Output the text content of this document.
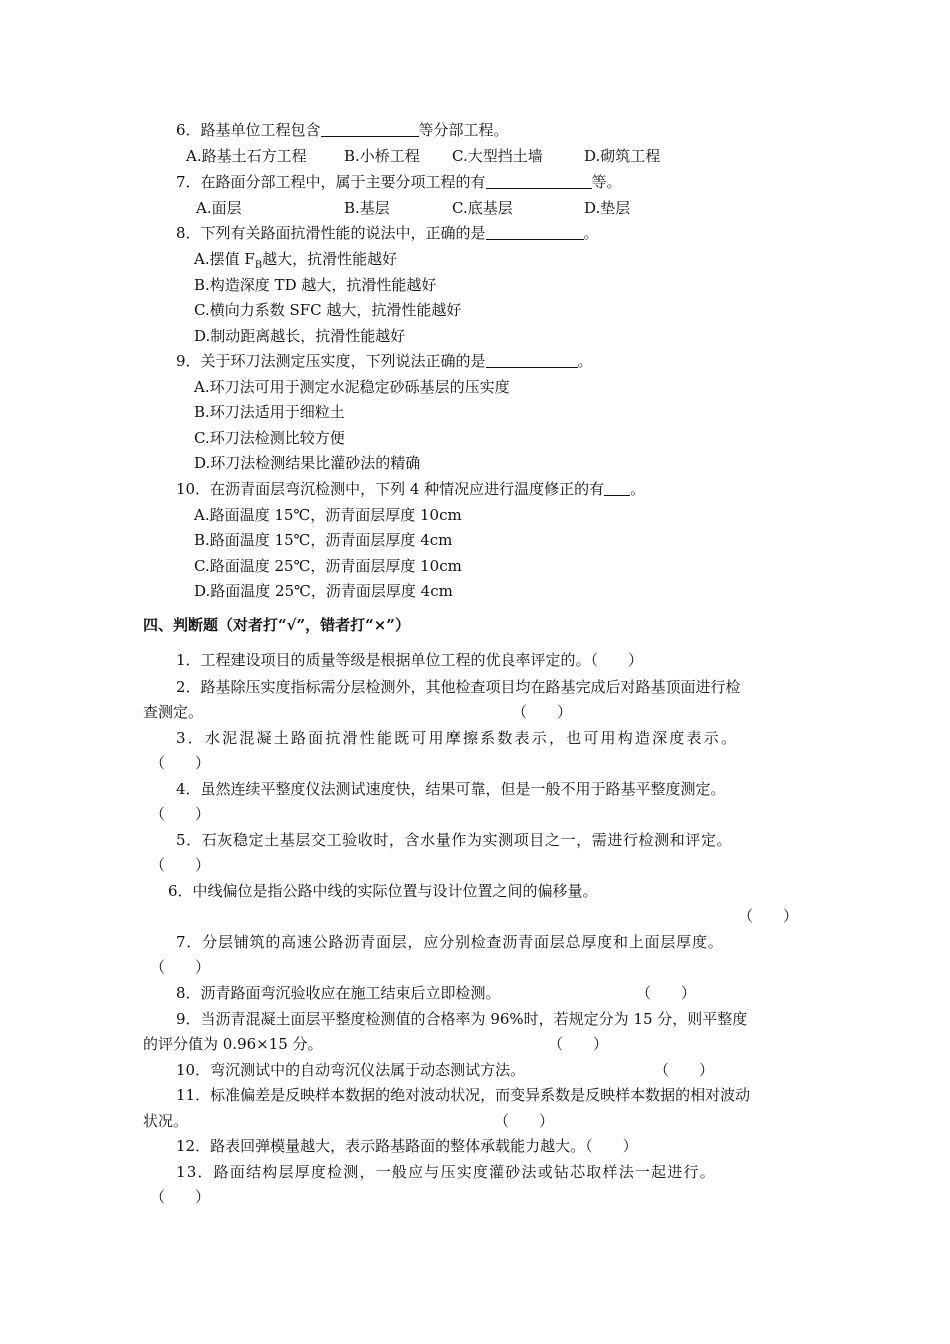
6．路基单位工程包含	等分部工程。
A.路基土石方工程 B.小桥工程 C.大型挡土墙	D.砌筑工程
7．在路面分部工程中，属于主要分项工程的有	等。
A.面层	B.基层	C.底基层	D.垫层
8．下列有关路面抗滑性能的说法中，正确的是	。
A.摆值 $F_B$越大，抗滑性能越好
B.构造深度 TD 越大，抗滑性能越好
C.横向力系数 SFC 越大，抗滑性能越好
D.制动距离越长，抗滑性能越好
9．关于环刀法测定压实度，下列说法正确的是	。
A.环刀法可用于测定水泥稳定砂砾基层的压实度
B.环刀法适用于细粒土
C.环刀法检测比较方便
D.环刀法检测结果比灌砂法的精确
10．在沥青面层弯沉检测中，下列 4 种情况应进行温度修正的有 。
A.路面温度 15℃，沥青面层厚度 10cm
B.路面温度 15℃，沥青面层厚度 4cm
C.路面温度 25℃，沥青面层厚度 10cm
D.路面温度 25℃，沥青面层厚度 4cm
四、判断题（对者打“√”，错者打“×”）
1．工程建设项目的质量等级是根据单位工程的优良率评定的。（　　）
2．路基除压实度指标需分层检测外，其他检查项目均在路基完成后对路基顶面进行检
查测定。	（　　）
3．水泥混凝土路面抗滑性能既可用摩擦系数表示，也可用构造深度表示。
（　　）
4．虽然连续平整度仪法测试速度快，结果可靠，但是一般不用于路基平整度测定。
（　　）
5．石灰稳定土基层交工验收时，含水量作为实测项目之一，需进行检测和评定。
（　　）
6．中线偏位是指公路中线的实际位置与设计位置之间的偏移量。
（　　）
7．分层铺筑的高速公路沥青面层，应分别检查沥青面层总厚度和上面层厚度。
（　　）
8．沥青路面弯沉验收应在施工结束后立即检测。	（　　）
9．当沥青混凝土面层平整度检测值的合格率为 96%时，若规定分为 15 分，则平整度
的评分值为 0.96×15 分。	（　　）
10．弯沉测试中的自动弯沉仪法属于动态测试方法。	（　　）
11．标准偏差是反映样本数据的绝对波动状况，而变异系数是反映样本数据的相对波动
状况。	（　　）
12．路表回弹模量越大，表示路基路面的整体承载能力越大。（　　）
13．路面结构层厚度检测，一般应与压实度灌砂法或钻芯取样法一起进行。
（　　）
